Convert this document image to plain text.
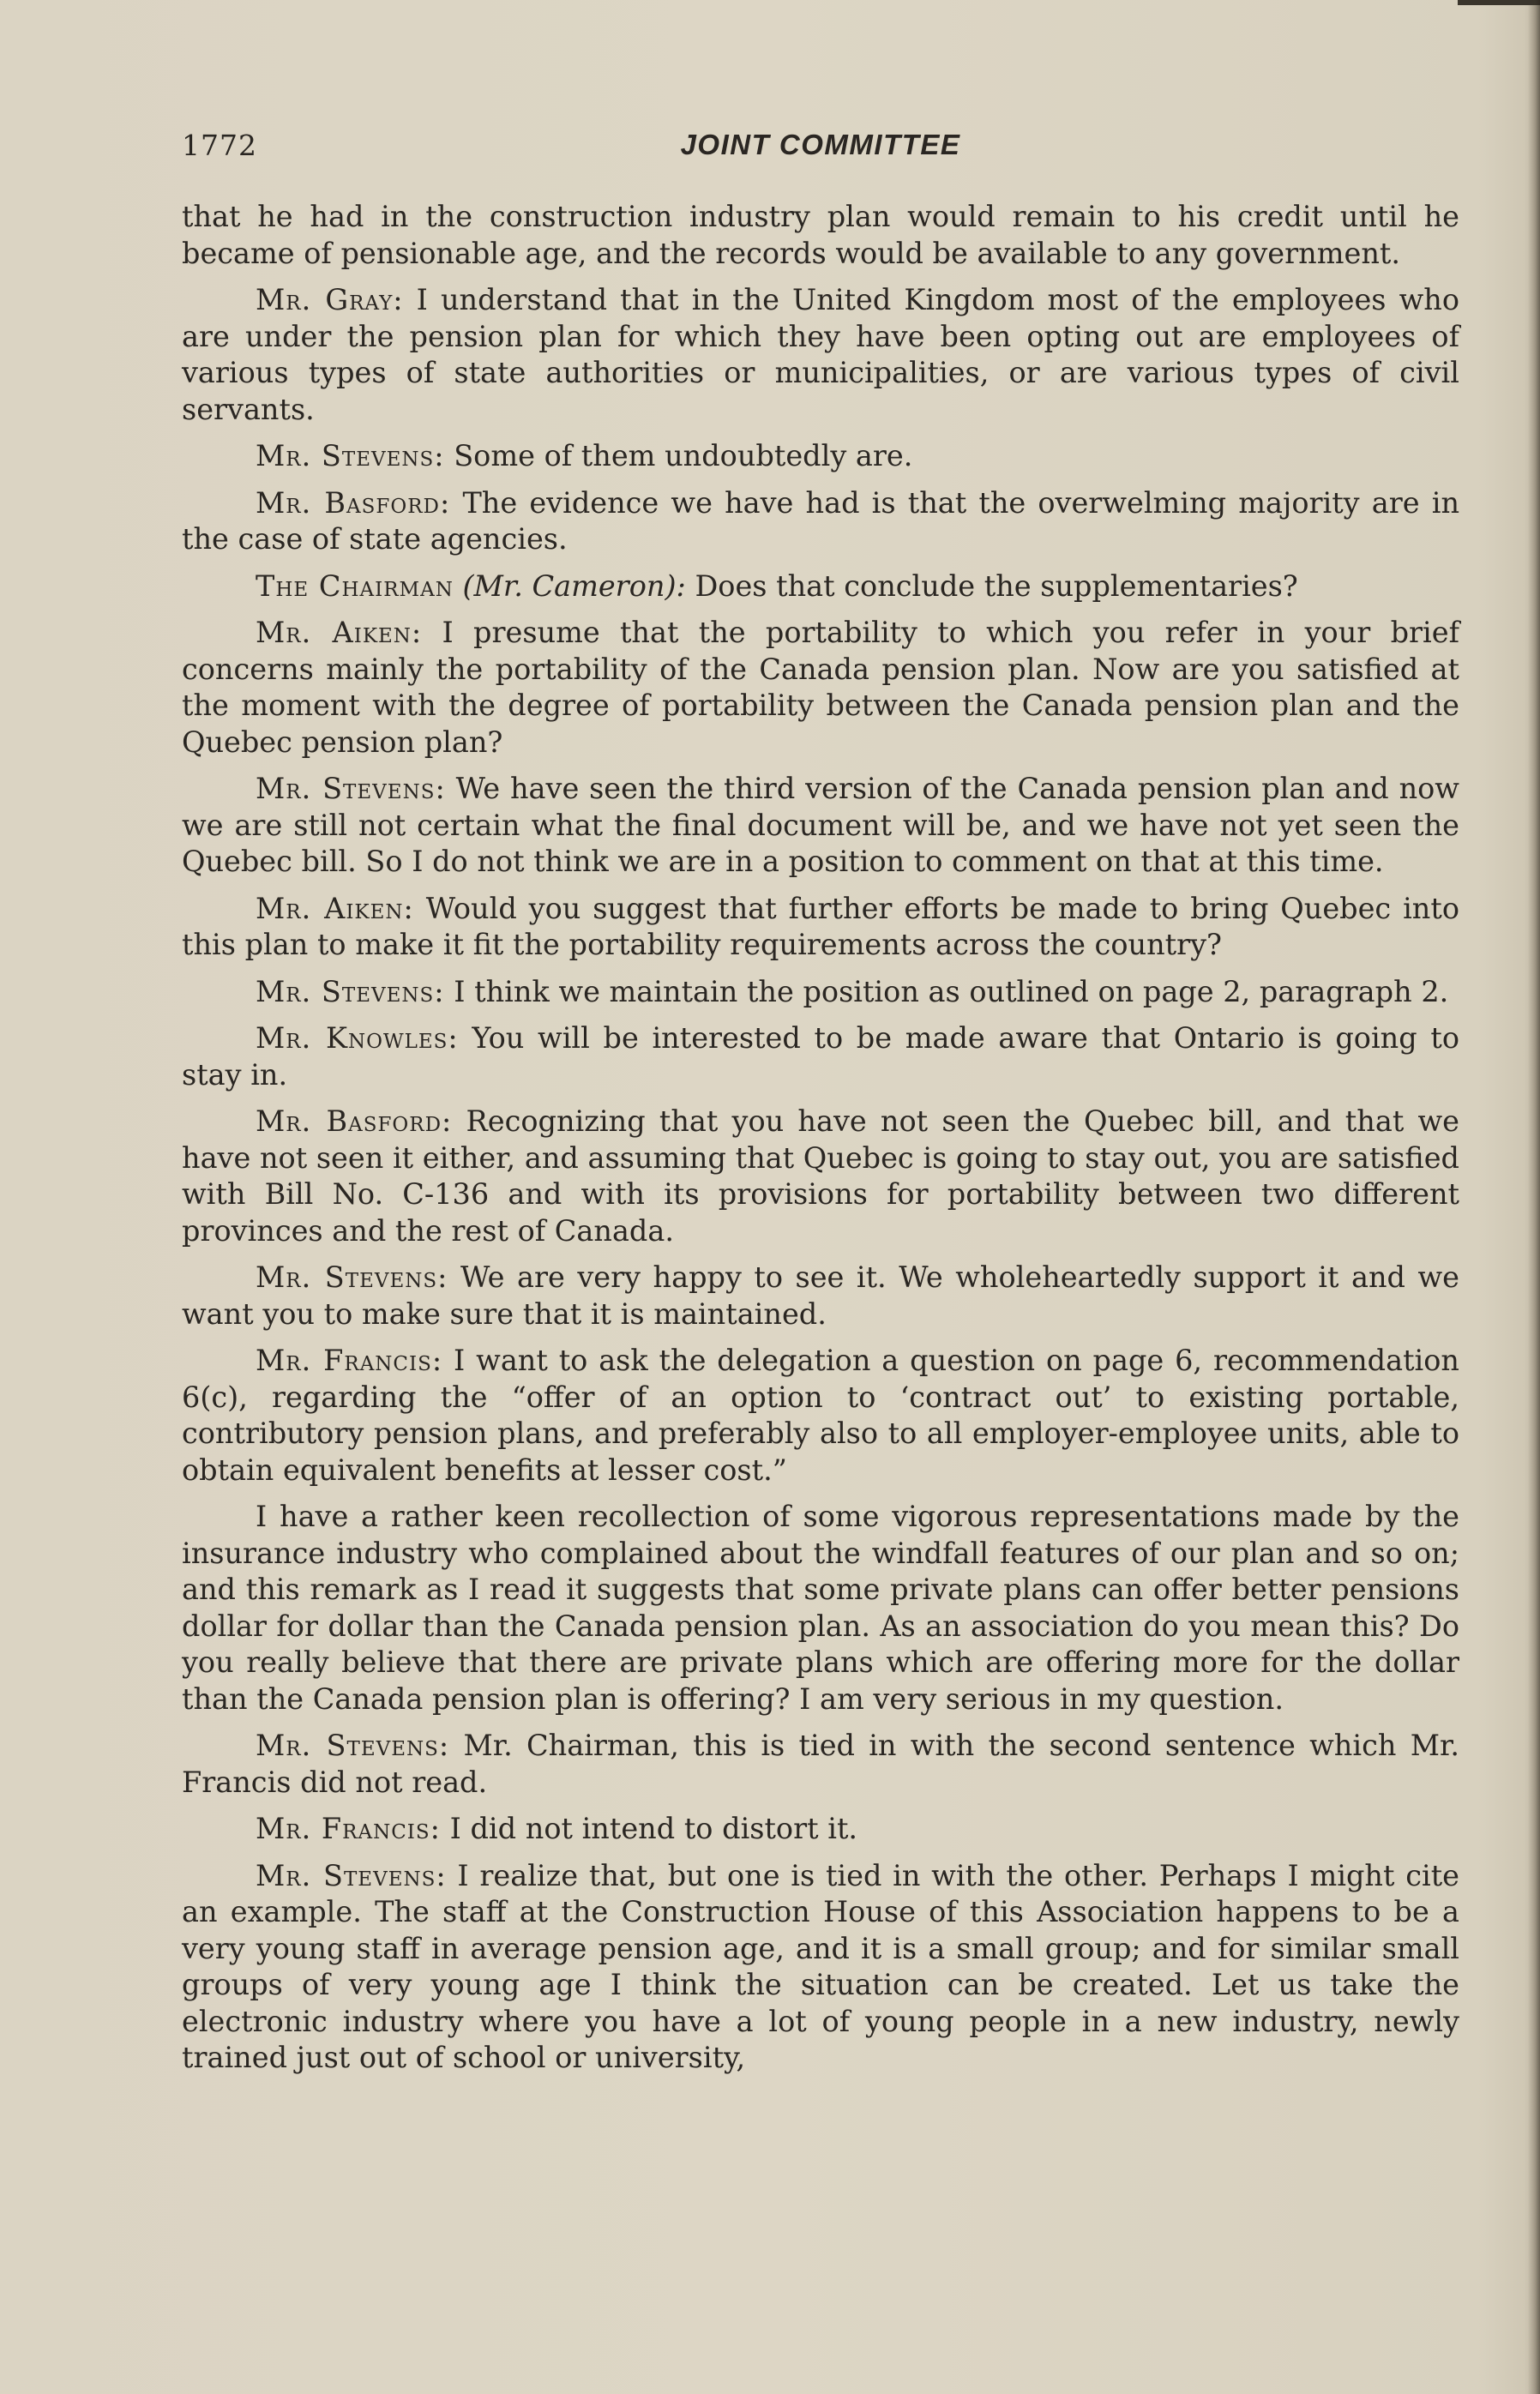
1772	JOINT COMMITTEE

that he had in the construction industry plan would remain to his credit until he became of pensionable age, and the records would be available to any government.

Mr. Gray: I understand that in the United Kingdom most of the employees who are under the pension plan for which they have been opting out are employees of various types of state authorities or municipalities, or are various types of civil servants.

Mr. Stevens: Some of them undoubtedly are.

Mr. Basford: The evidence we have had is that the overwelming majority are in the case of state agencies.

The Chairman (Mr. Cameron): Does that conclude the supplementaries?

Mr. Aiken: I presume that the portability to which you refer in your brief concerns mainly the portability of the Canada pension plan. Now are you satisfied at the moment with the degree of portability between the Canada pension plan and the Quebec pension plan?

Mr. Stevens: We have seen the third version of the Canada pension plan and now we are still not certain what the final document will be, and we have not yet seen the Quebec bill. So I do not think we are in a position to comment on that at this time.

Mr. Aiken: Would you suggest that further efforts be made to bring Quebec into this plan to make it fit the portability requirements across the country?

Mr. Stevens: I think we maintain the position as outlined on page 2, paragraph 2.

Mr. Knowles: You will be interested to be made aware that Ontario is going to stay in.

Mr. Basford: Recognizing that you have not seen the Quebec bill, and that we have not seen it either, and assuming that Quebec is going to stay out, you are satisfied with Bill No. C-136 and with its provisions for portability between two different provinces and the rest of Canada.

Mr. Stevens: We are very happy to see it. We wholeheartedly support it and we want you to make sure that it is maintained.

Mr. Francis: I want to ask the delegation a question on page 6, recommendation 6(c), regarding the “offer of an option to ‘contract out’ to existing portable, contributory pension plans, and preferably also to all employer-employee units, able to obtain equivalent benefits at lesser cost.”

I have a rather keen recollection of some vigorous representations made by the insurance industry who complained about the windfall features of our plan and so on; and this remark as I read it suggests that some private plans can offer better pensions dollar for dollar than the Canada pension plan. As an association do you mean this? Do you really believe that there are private plans which are offering more for the dollar than the Canada pension plan is offering? I am very serious in my question.

Mr. Stevens: Mr. Chairman, this is tied in with the second sentence which Mr. Francis did not read.

Mr. Francis: I did not intend to distort it.

Mr. Stevens: I realize that, but one is tied in with the other. Perhaps I might cite an example. The staff at the Construction House of this Association happens to be a very young staff in average pension age, and it is a small group; and for similar small groups of very young age I think the situation can be created. Let us take the electronic industry where you have a lot of young people in a new industry, newly trained just out of school or university,
